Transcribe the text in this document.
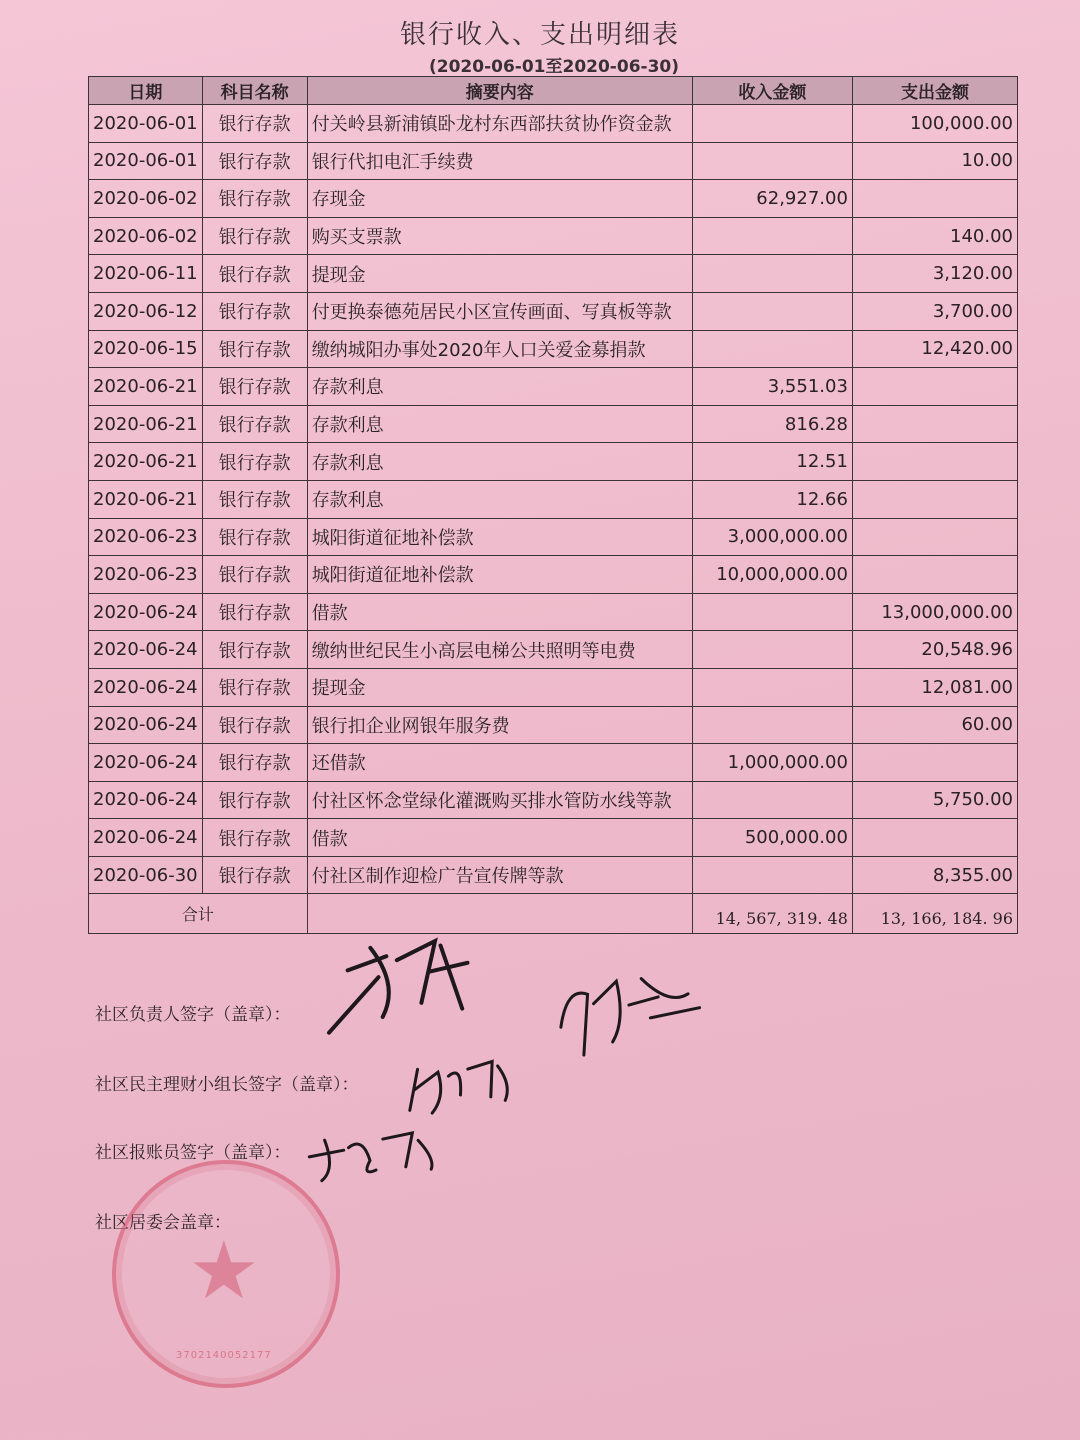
银行收入、支出明细表
(2020-06-01至2020-06-30)
日期	科目名称	摘要内容	收入金额	支出金额
2020-06-01	银行存款	付关岭县新浦镇卧龙村东西部扶贫协作资金款		100,000.00
2020-06-01	银行存款	银行代扣电汇手续费		10.00
2020-06-02	银行存款	存现金	62,927.00	
2020-06-02	银行存款	购买支票款		140.00
2020-06-11	银行存款	提现金		3,120.00
2020-06-12	银行存款	付更换泰德苑居民小区宣传画面、写真板等款		3,700.00
2020-06-15	银行存款	缴纳城阳办事处2020年人口关爱金募捐款		12,420.00
2020-06-21	银行存款	存款利息	3,551.03	
2020-06-21	银行存款	存款利息	816.28	
2020-06-21	银行存款	存款利息	12.51	
2020-06-21	银行存款	存款利息	12.66	
2020-06-23	银行存款	城阳街道征地补偿款	3,000,000.00	
2020-06-23	银行存款	城阳街道征地补偿款	10,000,000.00	
2020-06-24	银行存款	借款		13,000,000.00
2020-06-24	银行存款	缴纳世纪民生小高层电梯公共照明等电费		20,548.96
2020-06-24	银行存款	提现金		12,081.00
2020-06-24	银行存款	银行扣企业网银年服务费		60.00
2020-06-24	银行存款	还借款	1,000,000.00	
2020-06-24	银行存款	付社区怀念堂绿化灌溉购买排水管防水线等款		5,750.00
2020-06-24	银行存款	借款	500,000.00	
2020-06-30	银行存款	付社区制作迎检广告宣传牌等款		8,355.00
合计			14, 567, 319. 48	13, 166, 184. 96
社区负责人签字（盖章）：
社区民主理财小组长签字（盖章）：
社区报账员签字（盖章）：
社区居委会盖章：
★
3702140052177
